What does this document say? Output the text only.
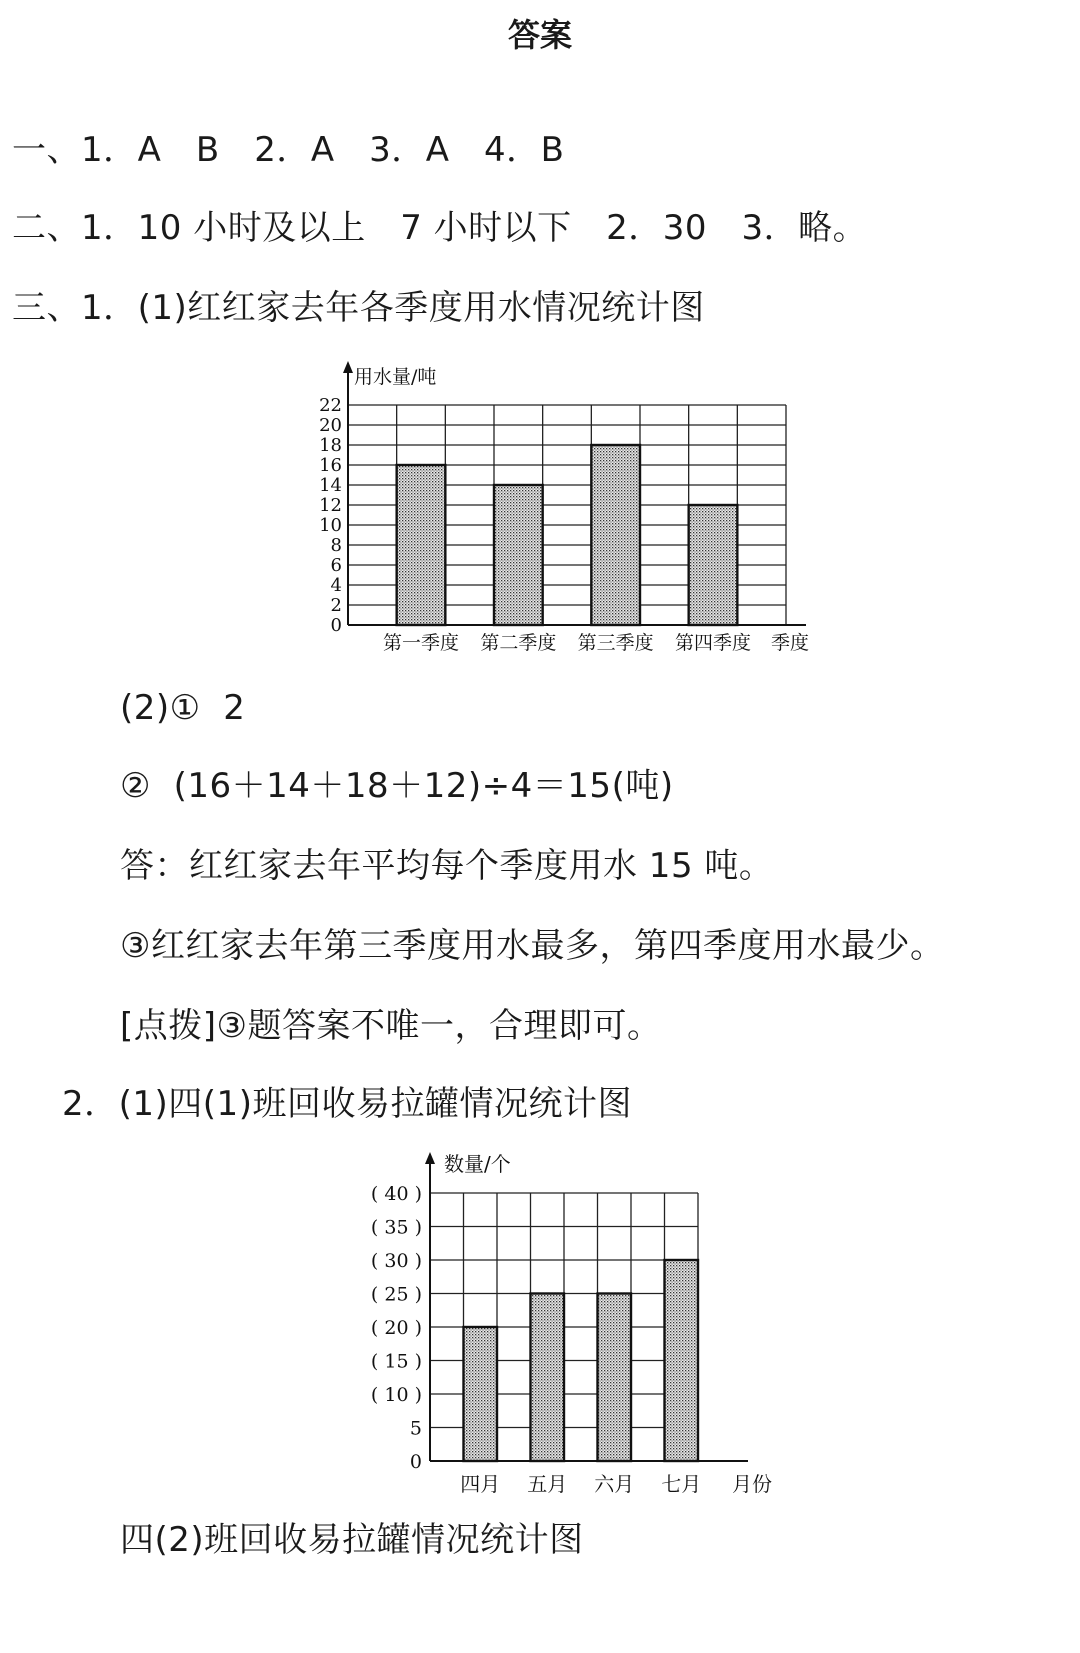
答案
一、1．A　B　2．A　3．A　4．B
二、1．10 小时及以上　7 小时以下　2．30　3．略。
三、1．(1)红红家去年各季度用水情况统计图
0
2
4
6
8
10
12
14
16
18
20
22
用水量/吨
第一季度 第二季度 第三季度 第四季度 季度
(2)①  2
②  (16＋14＋18＋12)÷4＝15(吨)
答：红红家去年平均每个季度用水 15 吨。
③红红家去年第三季度用水最多，第四季度用水最少。
[点拨]③题答案不唯一，合理即可。
2．(1)四(1)班回收易拉罐情况统计图
0
5
( 10 )
( 15 )
( 20 )
( 25 )
( 30 )
( 35 )
( 40 )
数量/个
四月 五月 六月 七月 月份
四(2)班回收易拉罐情况统计图
